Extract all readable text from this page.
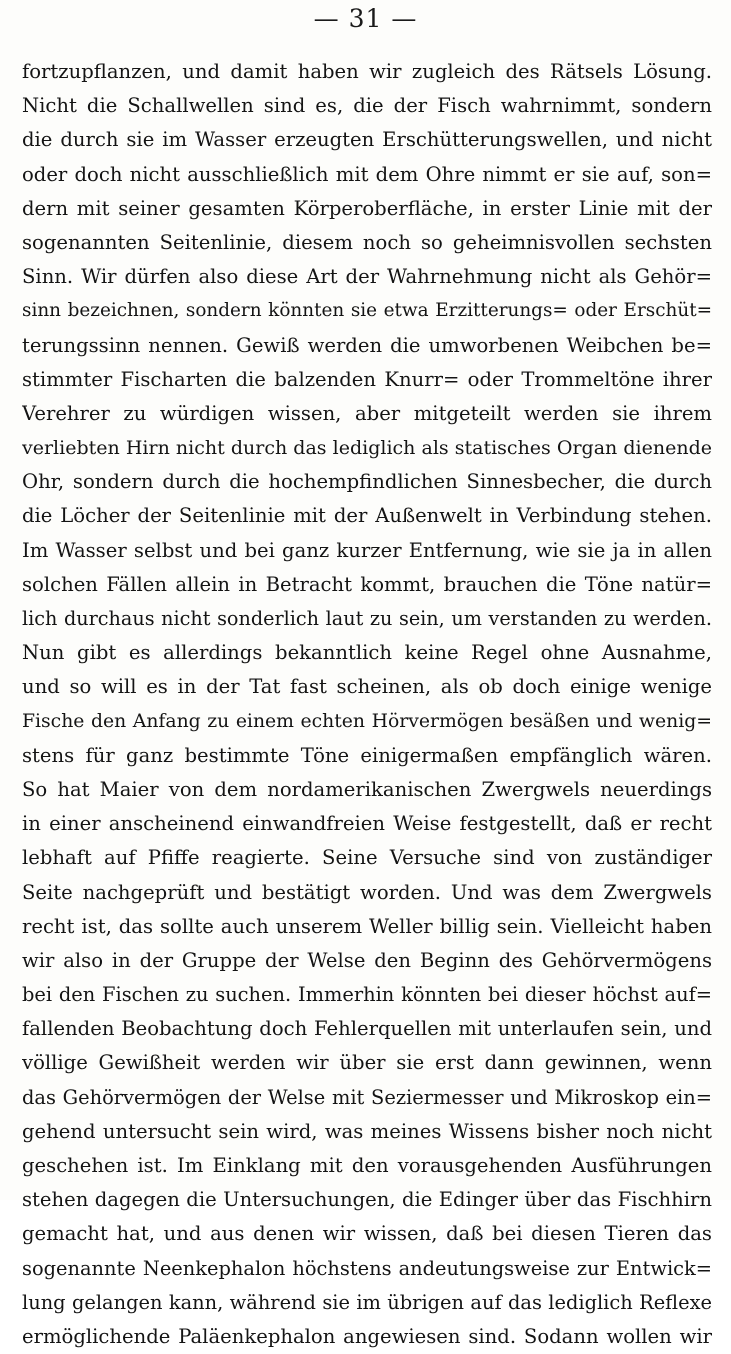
— 31 —
fortzupflanzen, und damit haben wir zugleich des Rätsels Lösung.
Nicht die Schallwellen sind es, die der Fisch wahrnimmt, sondern
die durch sie im Wasser erzeugten Erschütterungswellen, und nicht
oder doch nicht ausschließlich mit dem Ohre nimmt er sie auf, son=
dern mit seiner gesamten Körperoberfläche, in erster Linie mit der
sogenannten Seitenlinie, diesem noch so geheimnisvollen sechsten
Sinn. Wir dürfen also diese Art der Wahrnehmung nicht als Gehör=
sinn bezeichnen, sondern könnten sie etwa Erzitterungs= oder Erschüt=
terungssinn nennen. Gewiß werden die umworbenen Weibchen be=
stimmter Fischarten die balzenden Knurr= oder Trommeltöne ihrer
Verehrer zu würdigen wissen, aber mitgeteilt werden sie ihrem
verliebten Hirn nicht durch das lediglich als statisches Organ dienende
Ohr, sondern durch die hochempfindlichen Sinnesbecher, die durch
die Löcher der Seitenlinie mit der Außenwelt in Verbindung stehen.
Im Wasser selbst und bei ganz kurzer Entfernung, wie sie ja in allen
solchen Fällen allein in Betracht kommt, brauchen die Töne natür=
lich durchaus nicht sonderlich laut zu sein, um verstanden zu werden.
Nun gibt es allerdings bekanntlich keine Regel ohne Ausnahme,
und so will es in der Tat fast scheinen, als ob doch einige wenige
Fische den Anfang zu einem echten Hörvermögen besäßen und wenig=
stens für ganz bestimmte Töne einigermaßen empfänglich wären.
So hat Maier von dem nordamerikanischen Zwergwels neuerdings
in einer anscheinend einwandfreien Weise festgestellt, daß er recht
lebhaft auf Pfiffe reagierte. Seine Versuche sind von zuständiger
Seite nachgeprüft und bestätigt worden. Und was dem Zwergwels
recht ist, das sollte auch unserem Weller billig sein. Vielleicht haben
wir also in der Gruppe der Welse den Beginn des Gehörvermögens
bei den Fischen zu suchen. Immerhin könnten bei dieser höchst auf=
fallenden Beobachtung doch Fehlerquellen mit unterlaufen sein, und
völlige Gewißheit werden wir über sie erst dann gewinnen, wenn
das Gehörvermögen der Welse mit Seziermesser und Mikroskop ein=
gehend untersucht sein wird, was meines Wissens bisher noch nicht
geschehen ist. Im Einklang mit den vorausgehenden Ausführungen
stehen dagegen die Untersuchungen, die Edinger über das Fischhirn
gemacht hat, und aus denen wir wissen, daß bei diesen Tieren das
sogenannte Neenkephalon höchstens andeutungsweise zur Entwick=
lung gelangen kann, während sie im übrigen auf das lediglich Reflexe
ermöglichende Paläenkephalon angewiesen sind. Sodann wollen wir
